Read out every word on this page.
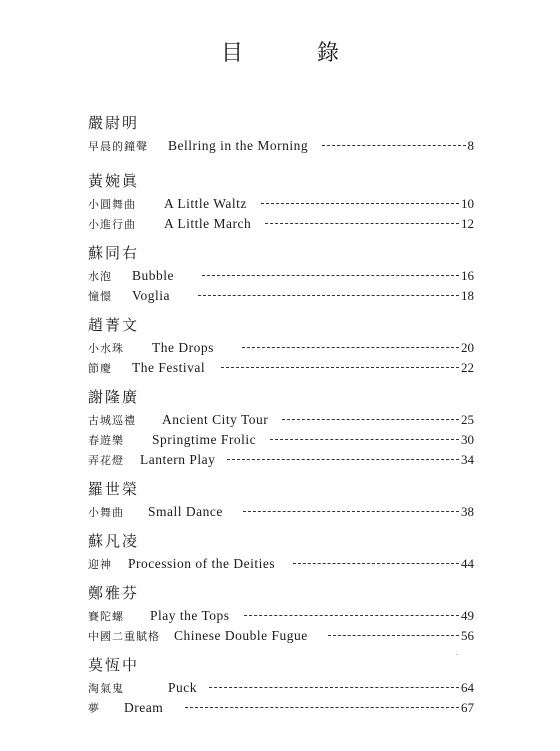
目　錄
嚴尉明
早晨的鐘聲 Bellring in the Morning	8
黃婉眞
小圓舞曲 A Little Waltz	10
小進行曲 A Little March	12
蘇同右
水泡 Bubble	16
憧憬 Voglia	18
趙菁文
小水珠 The Drops	20
節慶 The Festival	22
謝隆廣
古城巡禮 Ancient City Tour	25
春遊樂 Springtime Frolic	30
弄花燈 Lantern Play	34
羅世榮
小舞曲 Small Dance	38
蘇凡凌
迎神 Procession of the Deities	44
鄭雅芬
賽陀螺 Play the Tops	49
中國二重賦格 Chinese Double Fugue	56
莫恆中
淘氣鬼	Puck	64
夢 Dream	67
